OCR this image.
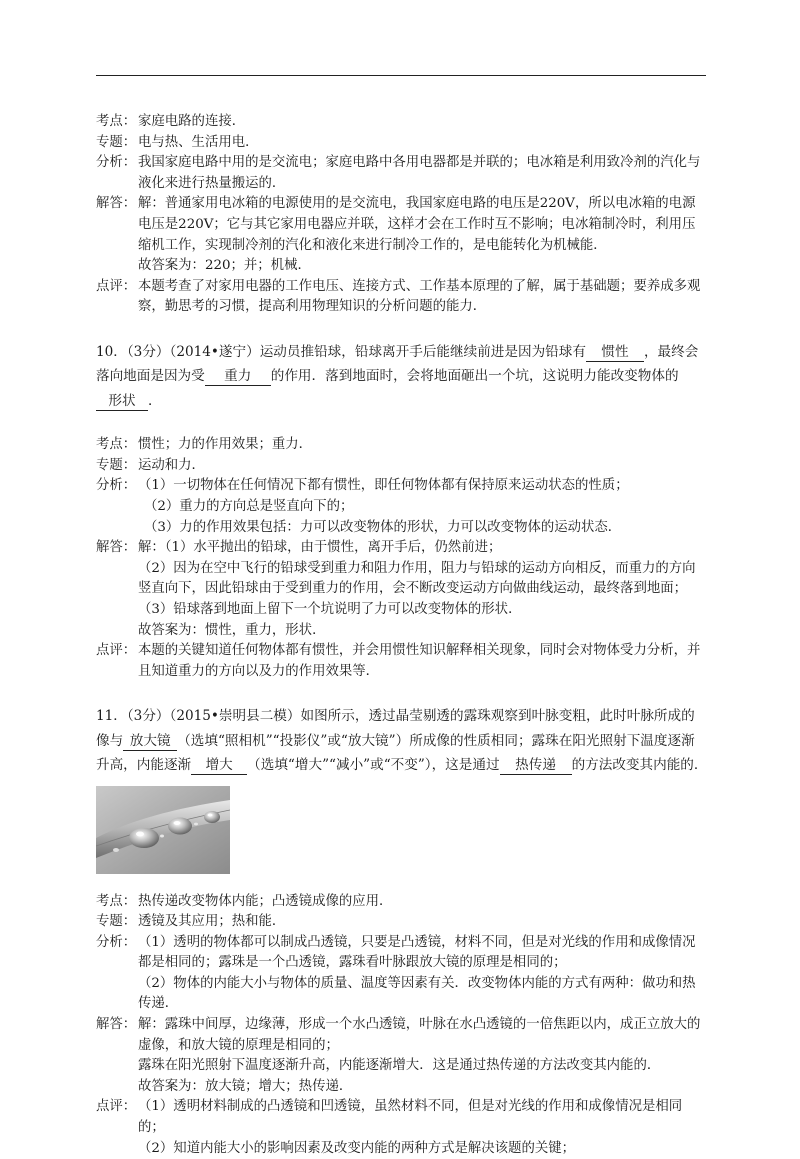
考点： 家庭电路的连接．
专题： 电与热、生活用电．
分析： 我国家庭电路中用的是交流电；家庭电路中各用电器都是并联的；电冰箱是利用致冷剂的汽化与液化来进行热量搬运的．
解答： 解：普通家用电冰箱的电源使用的是交流电，我国家庭电路的电压是220V，所以电冰箱的电源电压是220V；它与其它家用电器应并联，这样才会在工作时互不影响；电冰箱制冷时，利用压缩机工作，实现制冷剂的汽化和液化来进行制冷工作的，是电能转化为机械能．
故答案为：220；并；机械．
点评： 本题考查了对家用电器的工作电压、连接方式、工作基本原理的了解，属于基础题；要养成多观察，勤思考的习惯，提高利用物理知识的分析问题的能力．
10．（3分）（2014•遂宁）运动员推铅球，铅球离开手后能继续前进是因为铅球有 惯性 ，最终会落向地面是因为受 重力 的作用．落到地面时，会将地面砸出一个坑，这说明力能改变物体的形状 ．
考点： 惯性；力的作用效果；重力．
专题： 运动和力．
分析： （1）一切物体在任何情况下都有惯性，即任何物体都有保持原来运动状态的性质；
（2）重力的方向总是竖直向下的；
（3）力的作用效果包括：力可以改变物体的形状，力可以改变物体的运动状态．
解答： 解：（1）水平抛出的铅球，由于惯性，离开手后，仍然前进；
（2）因为在空中飞行的铅球受到重力和阻力作用，阻力与铅球的运动方向相反，而重力的方向竖直向下，因此铅球由于受到重力的作用，会不断改变运动方向做曲线运动，最终落到地面；
（3）铅球落到地面上留下一个坑说明了力可以改变物体的形状．
故答案为：惯性，重力，形状．
点评： 本题的关键知道任何物体都有惯性，并会用惯性知识解释相关现象，同时会对物体受力分析，并且知道重力的方向以及力的作用效果等．
11．（3分）（2015•崇明县二模）如图所示，透过晶莹剔透的露珠观察到叶脉变粗，此时叶脉所成的像与 放大镜 （选填“照相机”“投影仪”或“放大镜”）所成像的性质相同；露珠在阳光照射下温度逐渐升高，内能逐渐 增大 （选填“增大”“减小”或“不变”），这是通过 热传递 的方法改变其内能的．
考点： 热传递改变物体内能；凸透镜成像的应用．
专题： 透镜及其应用；热和能．
分析： （1）透明的物体都可以制成凸透镜，只要是凸透镜，材料不同，但是对光线的作用和成像情况都是相同的；露珠是一个凸透镜，露珠看叶脉跟放大镜的原理是相同的；
（2）物体的内能大小与物体的质量、温度等因素有关．改变物体内能的方式有两种：做功和热传递．
解答： 解：露珠中间厚，边缘薄，形成一个水凸透镜，叶脉在水凸透镜的一倍焦距以内，成正立放大的虚像，和放大镜的原理是相同的；
露珠在阳光照射下温度逐渐升高，内能逐渐增大．这是通过热传递的方法改变其内能的．
故答案为：放大镜；增大；热传递．
点评： （1）透明材料制成的凸透镜和凹透镜，虽然材料不同，但是对光线的作用和成像情况是相同的；
（2）知道内能大小的影响因素及改变内能的两种方式是解决该题的关键；
